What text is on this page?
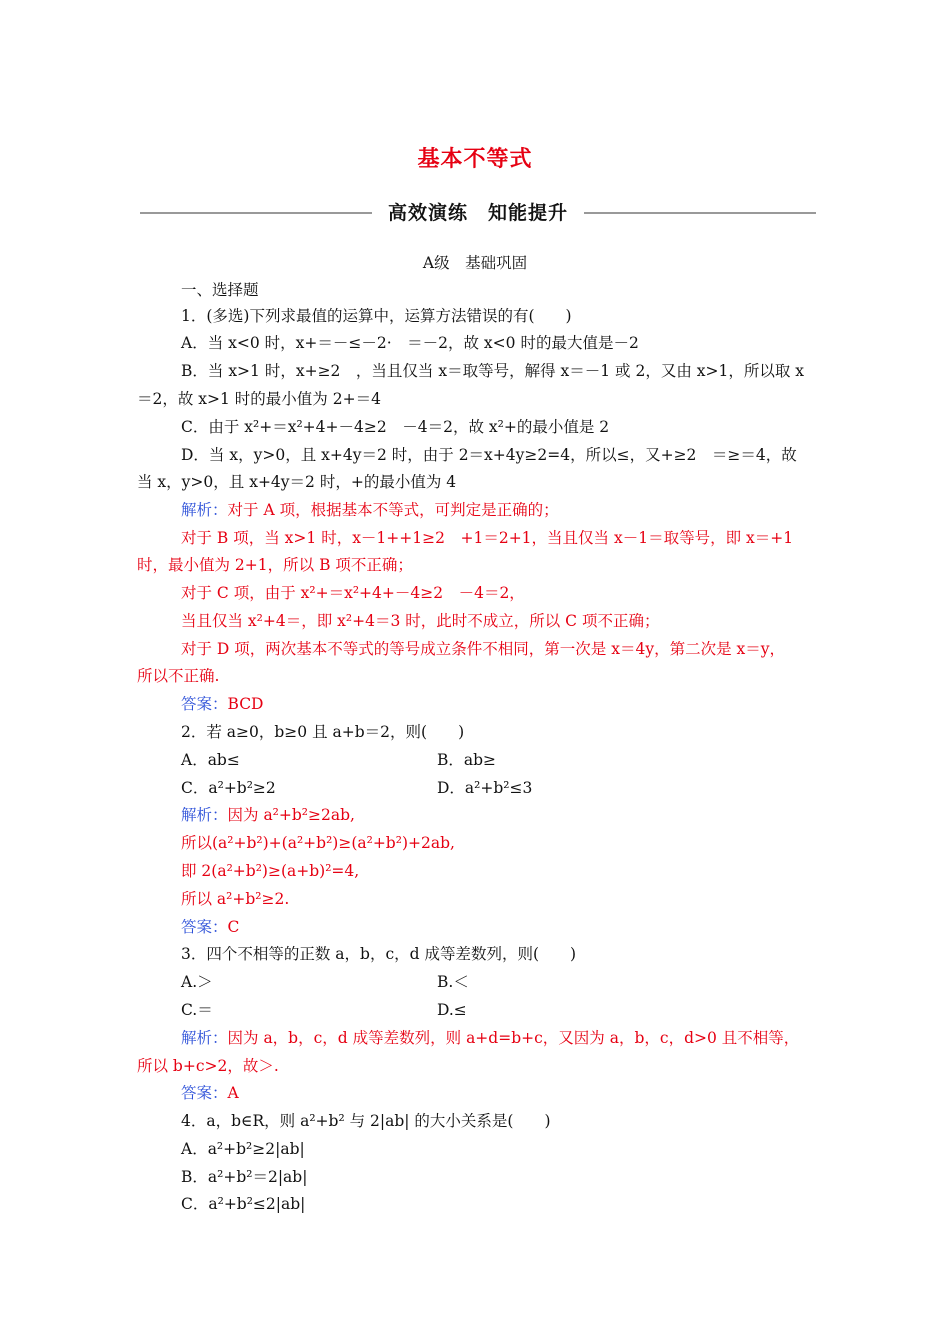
基本不等式
高效演练　知能提升
A级　基础巩固
一、选择题
1．(多选)下列求最值的运算中，运算方法错误的有(　　)
A．当 x<0 时，x+＝－≤－2·　＝－2，故 x<0 时的最大值是－2
B．当 x>1 时，x+≥2　，当且仅当 x＝取等号，解得 x＝－1 或 2，又由 x>1，所以取 x
＝2，故 x>1 时的最小值为 2+＝4
C．由于 x²+＝x²+4+－4≥2　－4＝2，故 x²+的最小值是 2
D．当 x，y>0，且 x+4y＝2 时，由于 2＝x+4y≥2=4，所以≤，又+≥2　＝≥＝4，故
当 x，y>0，且 x+4y＝2 时，+的最小值为 4
解析：对于 A 项，根据基本不等式，可判定是正确的；
对于 B 项，当 x>1 时，x－1++1≥2　+1＝2+1，当且仅当 x－1＝取等号，即 x＝+1
时，最小值为 2+1，所以 B 项不正确；
对于 C 项，由于 x²+＝x²+4+－4≥2　－4＝2，
当且仅当 x²+4＝，即 x²+4＝3 时，此时不成立，所以 C 项不正确；
对于 D 项，两次基本不等式的等号成立条件不相同，第一次是 x＝4y，第二次是 x＝y，
所以不正确.
答案：BCD
2．若 a≥0，b≥0 且 a+b＝2，则(　　)
A．ab≤	B．ab≥
C．a²+b²≥2	D．a²+b²≤3
解析：因为 a²+b²≥2ab,
所以(a²+b²)+(a²+b²)≥(a²+b²)+2ab,
即 2(a²+b²)≥(a+b)²=4,
所以 a²+b²≥2.
答案：C
3．四个不相等的正数 a，b，c，d 成等差数列，则(　　)
A.＞	B.＜
C.＝	D.≤
解析：因为 a，b，c，d 成等差数列，则 a+d=b+c，又因为 a，b，c，d>0 且不相等，
所以 b+c>2，故＞.
答案：A
4．a，b∈R，则 a²+b² 与 2|ab| 的大小关系是(　　)
A．a²+b²≥2|ab|
B．a²+b²＝2|ab|
C．a²+b²≤2|ab|
